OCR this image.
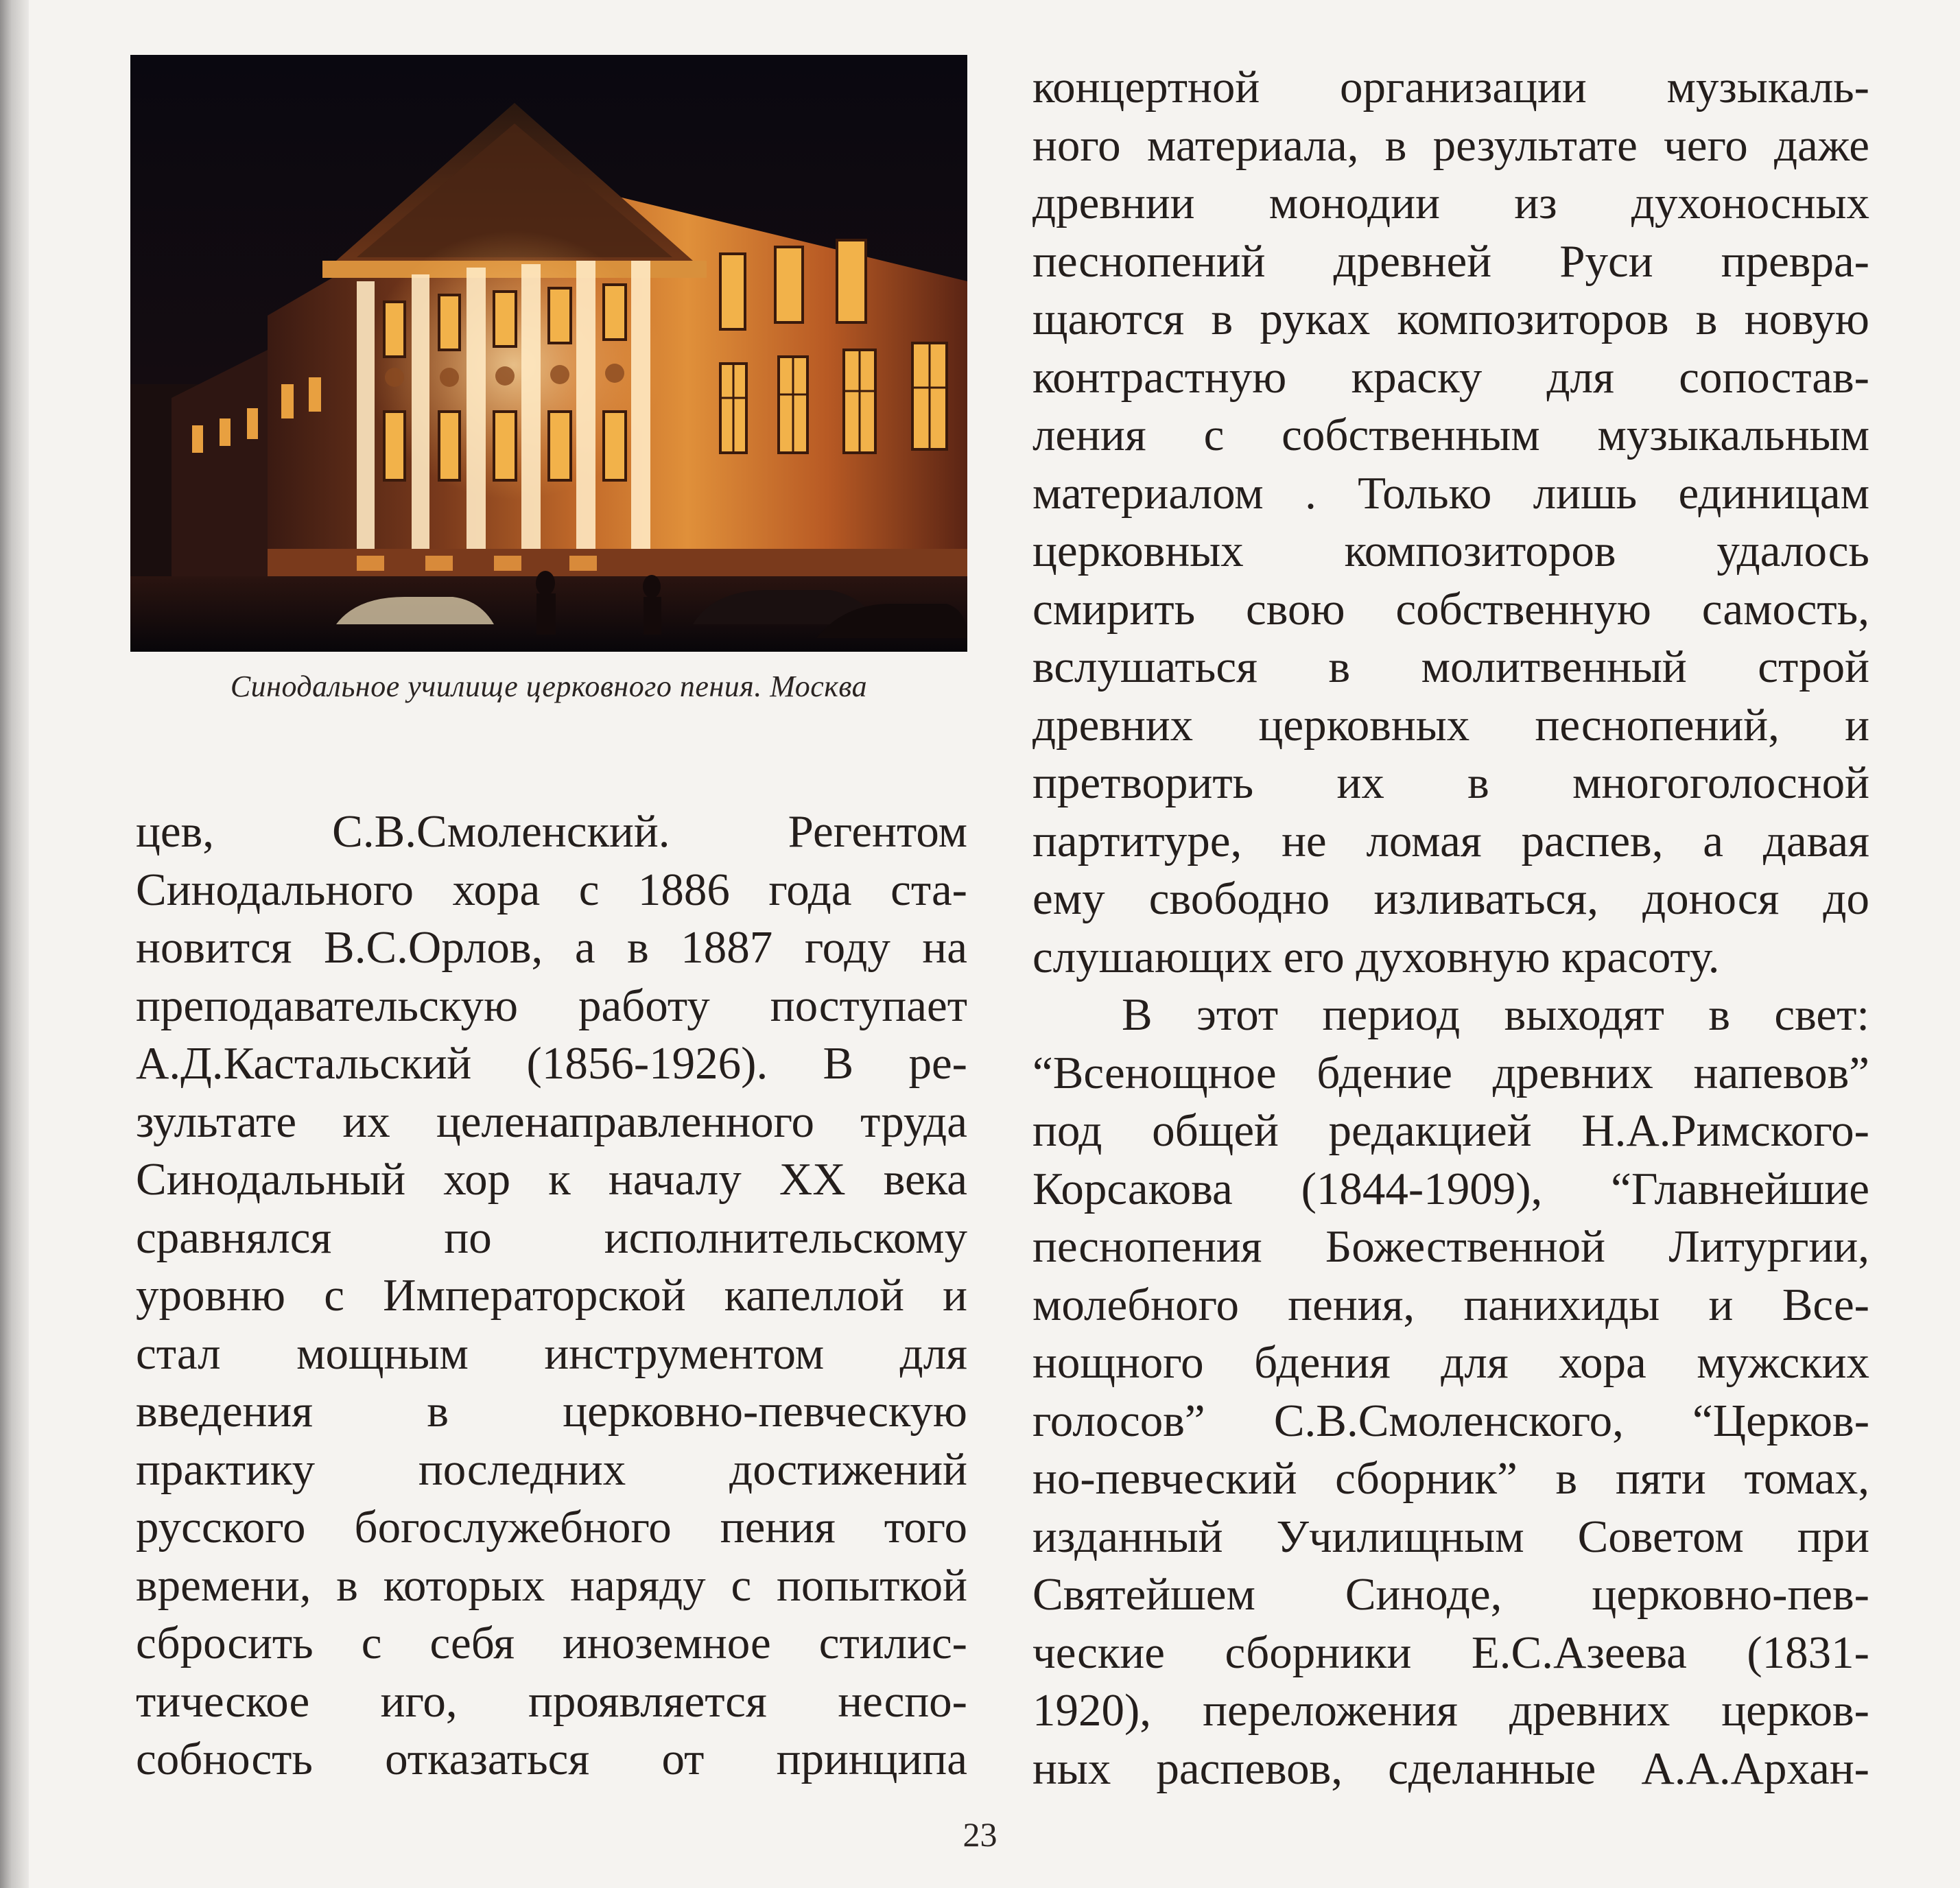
Синодальное училище церковного пения. Москва
цев, С.В.Смоленский. Регентом
Синодального хора с 1886 года ста-
новится В.С.Орлов, а в 1887 году на
преподавательскую работу поступает
А.Д.Кастальский (1856-1926). В ре-
зультате их целенаправленного труда
Синодальный хор к началу XX века
сравнялся по исполнительскому
уровню с Императорской капеллой и
стал мощным инструментом для
введения в церковно-певческую
практику последних достижений
русского богослужебного пения того
времени, в которых наряду с попыткой
сбросить с себя иноземное стилис-
тическое иго, проявляется неспо-
собность отказаться от принципа
концертной организации музыкаль-
ного материала, в результате чего даже
древнии монодии из духоносных
песнопений древней Руси превра-
щаются в руках композиторов в новую
контрастную краску для сопостав-
ления с собственным музыкальным
материалом . Только лишь единицам
церковных композиторов удалось
смирить свою собственную самость,
вслушаться в молитвенный строй
древних церковных песнопений, и
претворить их в многоголосной
партитуре, не ломая распев, а давая
ему свободно изливаться, донося до
слушающих его духовную красоту.
В этот период выходят в свет:
“Всенощное бдение древних напевов”
под общей редакцией Н.А.Римского-
Корсакова (1844-1909), “Главнейшие
песнопения Божественной Литургии,
молебного пения, панихиды и Все-
нощного бдения для хора мужских
голосов” С.В.Смоленского, “Церков-
но-певческий сборник” в пяти томах,
изданный Училищным Советом при
Святейшем Синоде, церковно-пев-
ческие сборники Е.С.Азеева (1831-
1920), переложения древних церков-
ных распевов, сделанные А.А.Архан-
23
